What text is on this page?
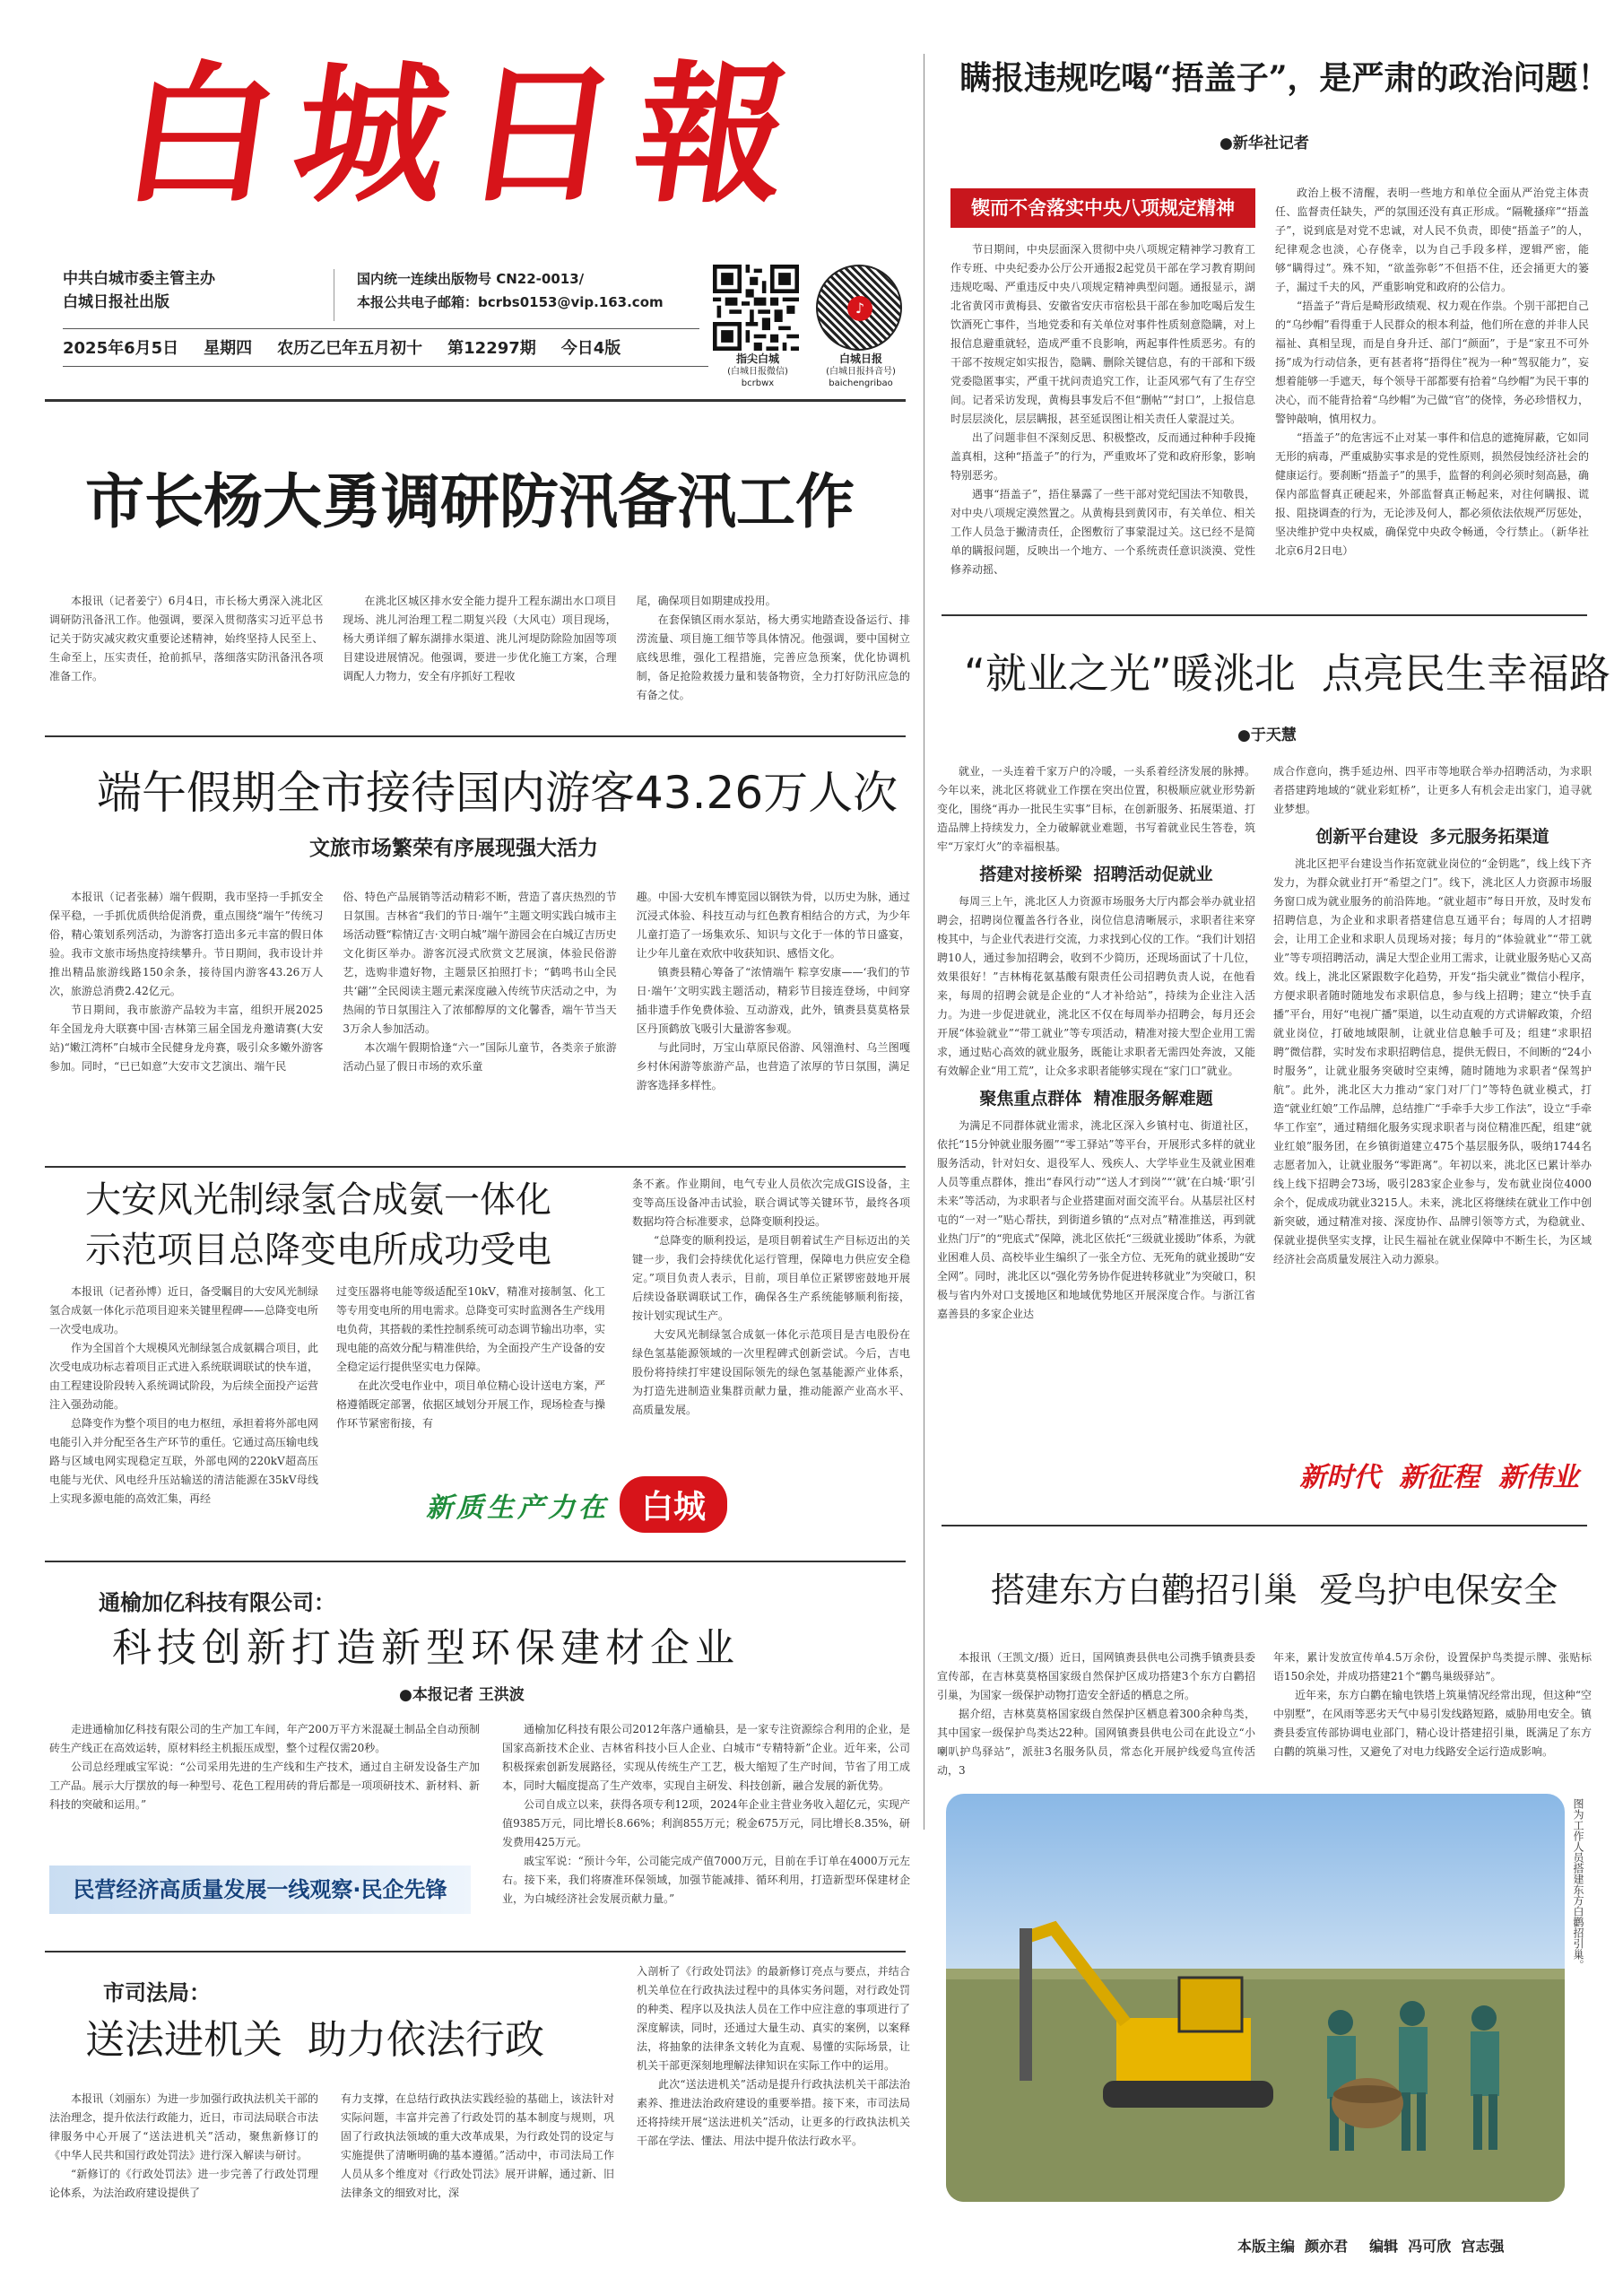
白城日報
中共白城市委主管主办
白城日报社出版
国内统一连续出版物号 CN22-0013/
本报公共电子邮箱：bcrbs0153@vip.163.com
2025年6月5日 星期四 农历乙巳年五月初十 第12297期 今日4版
指尖白城
(白城日报微信)
bcrbwx
♪
白城日报
(白城日报抖音号)
baichengribao
瞒报违规吃喝“捂盖子”，是严肃的政治问题！
●新华社记者
锲而不舍落实中央八项规定精神

节日期间，中央层面深入贯彻中央八项规定精神学习教育工作专班、中央纪委办公厅公开通报2起党员干部在学习教育期间违规吃喝、严重违反中央八项规定精神典型问题。通报显示，湖北省黄冈市黄梅县、安徽省安庆市宿松县干部在参加吃喝后发生饮酒死亡事件，当地党委和有关单位对事件性质刻意隐瞒，对上报信息避重就轻，造成严重不良影响，两起事件性质恶劣。有的干部不按规定如实报告，隐瞒、删除关键信息，有的干部和下级党委隐匿事实，严重干扰问责追究工作，让歪风邪气有了生存空间。记者采访发现，黄梅县事发后不但“删帖”“封口”，上报信息时层层淡化，层层瞒报，甚至延误图让相关责任人蒙混过关。

出了问题非但不深刻反思、积极整改，反而通过种种手段掩盖真相，这种“捂盖子”的行为，严重败坏了党和政府形象，影响特别恶劣。

遇事“捂盖子”，捂住暴露了一些干部对党纪国法不知敬畏，对中央八项规定漠然置之。从黄梅县到黄冈市，有关单位、相关工作人员急于撇清责任，企图敷衍了事蒙混过关。这已经不是简单的瞒报问题，反映出一个地方、一个系统责任意识淡漠、党性修养动摇、

政治上极不清醒，表明一些地方和单位全面从严治党主体责任、监督责任缺失，严的氛围还没有真正形成。“隔靴搔痒”“捂盖子”，说到底是对党不忠诚，对人民不负责，即使“捂盖子”的人，纪律观念也淡，心存侥幸，以为自己手段多样，逻辑严密，能够“瞒得过”。殊不知，“欲盖弥彰”不但捂不住，还会捅更大的篓子，漏过千夫的风，严重影响党和政府的公信力。

“捂盖子”背后是畸形政绩观、权力观在作祟。个别干部把自己的“乌纱帽”看得重于人民群众的根本利益，他们所在意的并非人民福祉、真相呈现，而是自身升迁、部门“颜面”，于是“家丑不可外扬”成为行动信条，更有甚者将“捂得住”视为一种“驾驭能力”，妄想着能够一手遮天，每个领导干部都要有拾着“乌纱帽”为民干事的决心，而不能背拾着“乌纱帽”为己做“官”的侥悻，务必珍惜权力，警钟敲响，慎用权力。

“捂盖子”的危害远不止对某一事件和信息的遮掩屏蔽，它如同无形的病毒，严重威胁实事求是的党性原则，损然侵蚀经济社会的健康运行。要刹断“捂盖子”的黑手，监督的利剑必须时刻高悬，确保内部监督真正硬起来，外部监督真正畅起来，对往何瞒报、谎报、阻挠调查的行为，无论涉及何人，都必须依法依规严厉惩处，坚决维护党中央权威，确保党中央政令畅通，令行禁止。（新华社北京6月2日电）

市长杨大勇调研防汛备汛工作

本报讯（记者姜宁）6月4日，市长杨大勇深入洮北区调研防汛备汛工作。他强调，要深入贯彻落实习近平总书记关于防灾减灾救灾重要论述精神，始终坚持人民至上、生命至上，压实责任，抢前抓早，落细落实防汛备汛各项准备工作。

在洮北区城区排水安全能力提升工程东湖出水口项目现场、洮儿河治理工程二期复兴段（大风屯）项目现场，杨大勇详细了解东湖排水渠道、洮儿河堤防除险加固等项目建设进展情况。他强调，要进一步优化施工方案，合理调配人力物力，安全有序抓好工程收

尾，确保项目如期建成投用。

在套保镇区雨水泵站，杨大勇实地踏查设备运行、排涝流量、项目施工细节等具体情况。他强调，要中国树立底线思维，强化工程措施，完善应急预案，优化协调机制，备足抢险救援力量和装备物资，全力打好防汛应急的有备之仗。

端午假期全市接待国内游客43.26万人次
文旅市场繁荣有序展现强大活力

本报讯（记者张赫）端午假期，我市坚持一手抓安全保平稳，一手抓优质供给促消费，重点围绕“端午”传统习俗，精心策划系列活动，为游客打造出多元丰富的假日体验。我市文旅市场热度持续攀升。节日期间，我市设计并推出精品旅游线路150余条，接待国内游客43.26万人次，旅游总消费2.42亿元。

节日期间，我市旅游产品较为丰富，组织开展2025年全国龙舟大联赛中国·吉林第三届全国龙舟邀请赛(大安站)“嫩江湾杯”白城市全民健身龙舟赛，吸引众多嫩外游客参加。同时，“已已如意”大安市文艺演出、端午民

俗、特色产品展销等活动精彩不断，营造了喜庆热烈的节日氛围。吉林省“我们的节日·端午”主题文明实践白城市主场活动暨“粽情辽吉·文明白城”端午游园会在白城辽吉历史文化街区举办。游客沉浸式欣赏文艺展演，体验民俗游艺，选购非遗好物，主题景区拍照打卡；“鹤鸣书山全民共‘翩’”全民阅读主题元素深度融入传统节庆活动之中，为热闹的节日氛围注入了浓郁醇厚的文化馨香，端午节当天3万余人参加活动。

本次端午假期恰逢“六一”国际儿童节，各类亲子旅游活动凸显了假日市场的欢乐童

趣。中国·大安机车博览园以钢铁为骨，以历史为脉，通过沉浸式体验、科技互动与红色教育相结合的方式，为少年儿童打造了一场集欢乐、知识与文化于一体的节日盛宴，让少年儿童在欢欣中收获知识、感悟文化。

镇赉县精心筹备了“浓情端午 粽享安康——‘我们的节日·端午’文明实践主题活动，精彩节目接连登场，中间穿插非遗手作免费体验、互动游戏，此外，镇赉县莫莫格景区丹顶鹤放飞吸引大量游客参观。

与此同时，万宝山草原民俗游、风翎渔村、乌兰图嘎乡村休闲游等旅游产品，也营造了浓厚的节日氛围，满足游客选择多样性。

大安风光制绿氢合成氨一体化
示范项目总降变电所成功受电

本报讯（记者孙博）近日，备受瞩目的大安风光制绿氢合成氨一体化示范项目迎来关键里程碑——总降变电所一次受电成功。

作为全国首个大规模风光制绿氢合成氨耦合项目，此次受电成功标志着项目正式进入系统联调联试的快车道，由工程建设阶段转入系统调试阶段，为后续全面投产运营注入强劲动能。

总降变作为整个项目的电力枢纽，承担着将外部电网电能引入并分配至各生产环节的重任。它通过高压输电线路与区域电网实现稳定互联，外部电网的220kV超高压电能与光伏、风电经升压站输送的清洁能源在35kV母线上实现多源电能的高效汇集，再经

过变压器将电能等级适配至10kV，精准对接制氢、化工等专用变电所的用电需求。总降变可实时监测各生产线用电负荷，其搭载的柔性控制系统可动态调节输出功率，实现电能的高效分配与精准供给，为全面投产生产设备的安全稳定运行提供坚实电力保障。

在此次受电作业中，项目单位精心设计送电方案，严格遵循既定部署，依据区域划分开展工作，现场检查与操作环节紧密衔接，有

条不紊。作业期间，电气专业人员依次完成GIS设备，主变等高压设备冲击试验，联合调试等关键环节，最终各项数据均符合标准要求，总降变顺利投运。

“总降变的顺利投运，是项目朝着试生产目标迈出的关键一步，我们会持续优化运行管理，保障电力供应安全稳定。”项目负责人表示，目前，项目单位正紧锣密鼓地开展后续设备联调联试工作，确保各生产系统能够顺利衔接，按计划实现试生产。

大安风光制绿氢合成氨一体化示范项目是吉电股份在绿色氢基能源领域的一次里程碑式创新尝试。今后，吉电股份将持续打牢建设国际领先的绿色氢基能源产业体系，为打造先进制造业集群贡献力量，推动能源产业高水平、高质量发展。

新质生产力在	白城
通榆加亿科技有限公司：
科技创新打造新型环保建材企业
●本报记者 王洪波

走进通榆加亿科技有限公司的生产加工车间，年产200万平方米混凝土制品全自动预制砖生产线正在高效运转，原材料经主机振压成型，整个过程仅需20秒。

公司总经理戚宝军说：“公司采用先进的生产线和生产技术，通过自主研发设备生产加工产品。展示大厅摆放的每一种型号、花色工程用砖的背后都是一项项研技术、新材料、新科技的突破和运用。”

通榆加亿科技有限公司2012年落户通榆县，是一家专注资源综合利用的企业，是国家高新技术企业、吉林省科技小巨人企业、白城市“专精特新”企业。近年来，公司积极探索创新发展路径，实现从传统生产工艺，极大缩短了生产时间，节省了用工成本，同时大幅度提高了生产效率，实现自主研发、科技创新，融合发展的新优势。

公司自成立以来，获得各项专利12项，2024年企业主营业务收入超亿元，实现产值9385万元，同比增长8.66%；利润855万元；税金675万元，同比增长8.35%，研发费用425万元。

戚宝军说：“预计今年，公司能完成产值7000万元，目前在手订单在4000万元左右。接下来，我们将赓准环保领域，加强节能减排、循环利用，打造新型环保建材企业，为白城经济社会发展贡献力量。”

民营经济高质量发展一线观察·民企先锋
市司法局：
送法进机关  助力依法行政

本报讯（刘丽东）为进一步加强行政执法机关干部的法治理念，提升依法行政能力，近日，市司法局联合市法律服务中心开展了“送法进机关”活动，聚焦新修订的《中华人民共和国行政处罚法》进行深入解读与研讨。

“新修订的《行政处罚法》进一步完善了行政处罚理论体系，为法治政府建设提供了

有力支撑，在总结行政执法实践经验的基础上，该法针对实际问题，丰富并完善了行政处罚的基本制度与规则，巩固了行政执法领域的重大改革成果，为行政处罚的设定与实施提供了清晰明确的基本遵循。”活动中，市司法局工作人员从多个维度对《行政处罚法》展开讲解，通过新、旧法律条文的细致对比，深

入剖析了《行政处罚法》的最新修订亮点与要点，并结合机关单位在行政执法过程中的具体实务问题，对行政处罚的种类、程序以及执法人员在工作中应注意的事项进行了深度解读，同时，还通过大量生动、真实的案例，以案释法，将抽象的法律条文转化为直观、易懂的实际场景，让机关干部更深刻地理解法律知识在实际工作中的运用。

此次“送法进机关”活动是提升行政执法机关干部法治素养、推进法治政府建设的重要举措。接下来，市司法局还将持续开展“送法进机关”活动，让更多的行政执法机关干部在学法、懂法、用法中提升依法行政水平。

“就业之光”暖洮北  点亮民生幸福路
●于天慧

就业，一头连着千家万户的冷暖，一头系着经济发展的脉搏。今年以来，洮北区将就业工作摆在突出位置，积极顺应就业形势新变化，围绕“再办一批民生实事”目标，在创新服务、拓展渠道、打造品牌上持续发力，全力破解就业难题，书写着就业民生答卷，筑牢“万家灯火”的幸福根基。

搭建对接桥梁  招聘活动促就业

每周三上午，洮北区人力资源市场服务大厅内都会举办就业招聘会，招聘岗位覆盖各行各业，岗位信息清晰展示，求职者往来穿梭其中，与企业代表进行交流，力求找到心仪的工作。“我们计划招聘10人，通过参加招聘会，收到不少简历，还现场面试了十几位，效果很好！”吉林梅花氨基酸有限责任公司招聘负责人说，在他看来，每周的招聘会就是企业的“人才补给站”，持续为企业注入活力。为进一步促进就业，洮北区不仅在每周举办招聘会，每月还会开展“体验就业”“带工就业”等专项活动，精准对接大型企业用工需求，通过贴心高效的就业服务，既能让求职者无需四处奔波，又能有效解企业“用工荒”，让众多求职者能够实现在“家门口”就业。

聚焦重点群体  精准服务解难题

为满足不同群体就业需求，洮北区深入乡镇村屯、街道社区，依托“15分钟就业服务圈”“零工驿站”等平台，开展形式多样的就业服务活动，针对妇女、退役军人、残疾人、大学毕业生及就业困难人员等重点群体，推出“春风行动”“送人才到岗”“‘就’在白城·‘职’引未来”等活动，为求职者与企业搭建面对面交流平台。从基层社区村屯的“一对一”贴心帮扶，到街道乡镇的“点对点”精准推送，再到就业热门厅”的“兜底式”保障，洮北区依托“三级就业援助”体系，为就业困难人员、高校毕业生编织了一张全方位、无死角的就业援助“安全网”。同时，洮北区以“强化劳务协作促进转移就业”为突破口，积极与省内外对口支援地区和地域优势地区开展深度合作。与浙江省嘉善县的多家企业达

成合作意向，携手延边州、四平市等地联合举办招聘活动，为求职者搭建跨地域的“就业彩虹桥”，让更多人有机会走出家门，追寻就业梦想。

创新平台建设  多元服务拓渠道

洮北区把平台建设当作拓宽就业岗位的“金钥匙”，线上线下齐发力，为群众就业打开“希望之门”。线下，洮北区人力资源市场服务窗口成为就业服务的前沿阵地。“就业超市”每日开放，及时发布招聘信息，为企业和求职者搭建信息互通平台；每周的人才招聘会，让用工企业和求职人员现场对接；每月的“体验就业”“带工就业”等专项招聘活动，满足大型企业用工需求，让就业服务贴心又高效。线上，洮北区紧跟数字化趋势，开发“指尖就业”微信小程序，方便求职者随时随地发布求职信息，参与线上招聘；建立“快手直播”平台，用好“电视广播”渠道，以生动直观的方式讲解政策，介绍就业岗位，打破地域限制，让就业信息触手可及；组建“求职招聘”微信群，实时发布求职招聘信息，提供无假日，不间断的“24小时服务”，让就业服务突破时空束缚，随时随地为求职者“保驾护航”。此外，洮北区大力推动“家门对厂门”等特色就业模式，打造“就业红娘”工作品牌，总结推广“手牵手大步工作法”，设立“手牵华工作室”，通过精细化服务实现求职者与岗位精准匹配，组建“就业红娘”服务团，在乡镇街道建立475个基层服务队，吸纳1744名志愿者加入，让就业服务“零距离”。年初以来，洮北区已累计举办线上线下招聘会73场，吸引283家企业参与，发布就业岗位4000余个，促成成功就业3215人。未来，洮北区将继续在就业工作中创新突破，通过精准对接、深度协作、品牌引领等方式，为稳就业、保就业提供坚实支撑，让民生福祉在就业保障中不断生长，为区域经济社会高质量发展注入动力源泉。

新时代  新征程  新伟业
搭建东方白鹳招引巢  爱鸟护电保安全

本报讯（王凯文/摄）近日，国网镇赉县供电公司携手镇赉县委宣传部，在吉林莫莫格国家级自然保护区成功搭建3个东方白鹳招引巢，为国家一级保护动物打造安全舒适的栖息之所。

据介绍，吉林莫莫格国家级自然保护区栖息着300余种鸟类，其中国家一级保护鸟类达22种。国网镇赉县供电公司在此设立“小喇叭护鸟驿站”，派驻3名服务队员，常态化开展护线爱鸟宣传活动，3

年来，累计发放宣传单4.5万余份，设置保护鸟类提示牌、张贴标语150余处，并成功搭建21个“鹳鸟巢级驿站”。

近年来，东方白鹳在输电铁塔上筑巢情况经常出现，但这种“空中别墅”，在风雨等恶劣天气中易引发线路短路，威胁用电安全。镇赉县委宣传部协调电业部门，精心设计搭建招引巢，既满足了东方白鹳的筑巢习性，又避免了对电力线路安全运行造成影响。

图为工作人员搭建东方白鹳招引巢。
本版主编  颜亦君 编辑  冯可欣  宫志强
